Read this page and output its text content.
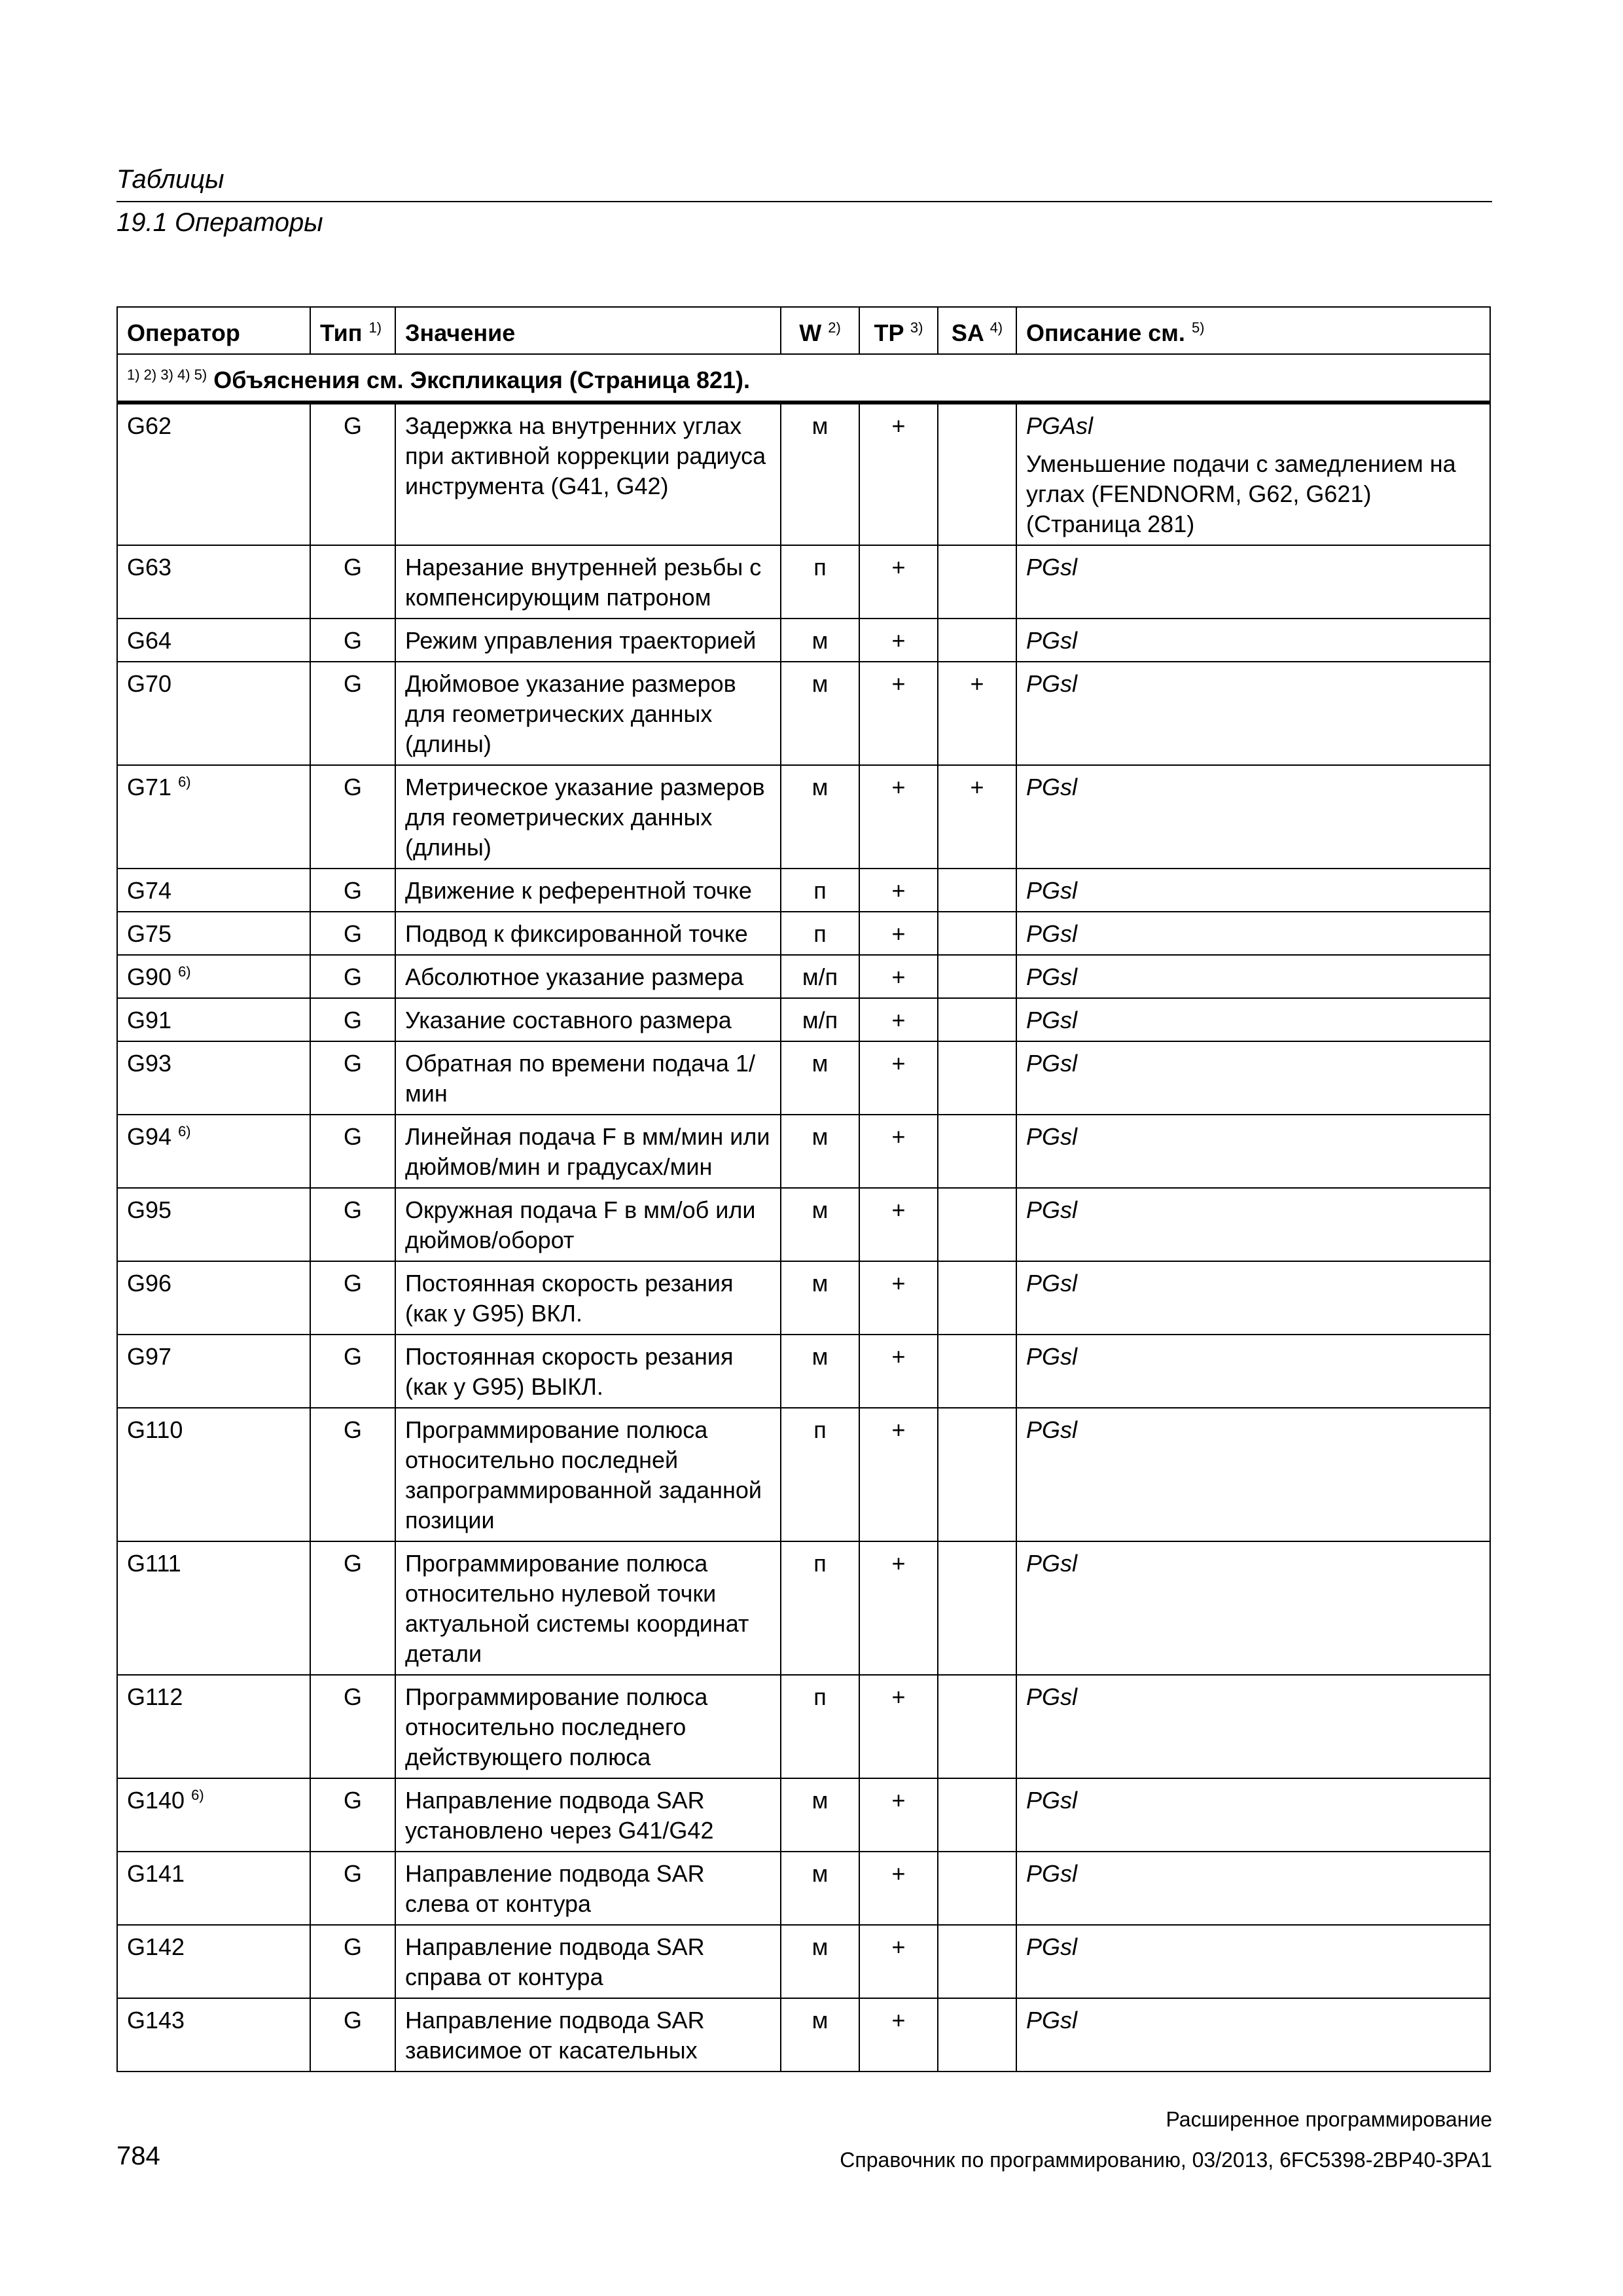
Таблицы
19.1 Операторы
Оператор	Тип $^{1)}$	Значение	W $^{2)}$	TP $^{3)}$	SA $^{4)}$	Описание см. $^{5)}$
$^{1) 2) 3) 4) 5)}$ Объяснения см. Экспликация (Страница 821).						
G62	G	Задержка на внутренних углах при активной коррекции радиуса инструмента (G41, G42)	м	+		PGAsl
Уменьшение подачи с замедлением на углах (FENDNORM, G62, G621) (Страница 281)

G63	G	Нарезание внутренней резьбы с компенсирующим патроном	п	+		PGsl

G64	G	Режим управления траекторией	м	+		PGsl

G70	G	Дюймовое указание размеров для геометрических данных (длины)	м	+	+	PGsl

G71 $^{6)}$	G	Метрическое указание размеров для геометрических данных (длины)	м	+	+	PGsl

G74	G	Движение к референтной точке	п	+		PGsl

G75	G	Подвод к фиксированной точке	п	+		PGsl

G90 $^{6)}$	G	Абсолютное указание размера	м/п	+		PGsl

G91	G	Указание составного размера	м/п	+		PGsl

G93	G	Обратная по времени подача 1/мин	м	+		PGsl

G94 $^{6)}$	G	Линейная подача F в мм/мин или дюймов/мин и градусах/мин	м	+		PGsl

G95	G	Окружная подача F в мм/об или дюймов/оборот	м	+		PGsl

G96	G	Постоянная скорость резания (как у G95) ВКЛ.	м	+		PGsl

G97	G	Постоянная скорость резания (как у G95) ВЫКЛ.	м	+		PGsl

G110	G	Программирование полюса относительно последней запрограммированной заданной позиции	п	+		PGsl

G111	G	Программирование полюса относительно нулевой точки актуальной системы координат детали	п	+		PGsl

G112	G	Программирование полюса относительно последнего действующего полюса	п	+		PGsl

G140 $^{6)}$	G	Направление подвода SAR установлено через G41/G42	м	+		PGsl

G141	G	Направление подвода SAR слева от контура	м	+		PGsl

G142	G	Направление подвода SAR справа от контура	м	+		PGsl

G143	G	Направление подвода SAR зависимое от касательных	м	+		PGsl
Расширенное программирование
784	Справочник по программированию, 03/2013, 6FC5398-2BP40-3PA1
